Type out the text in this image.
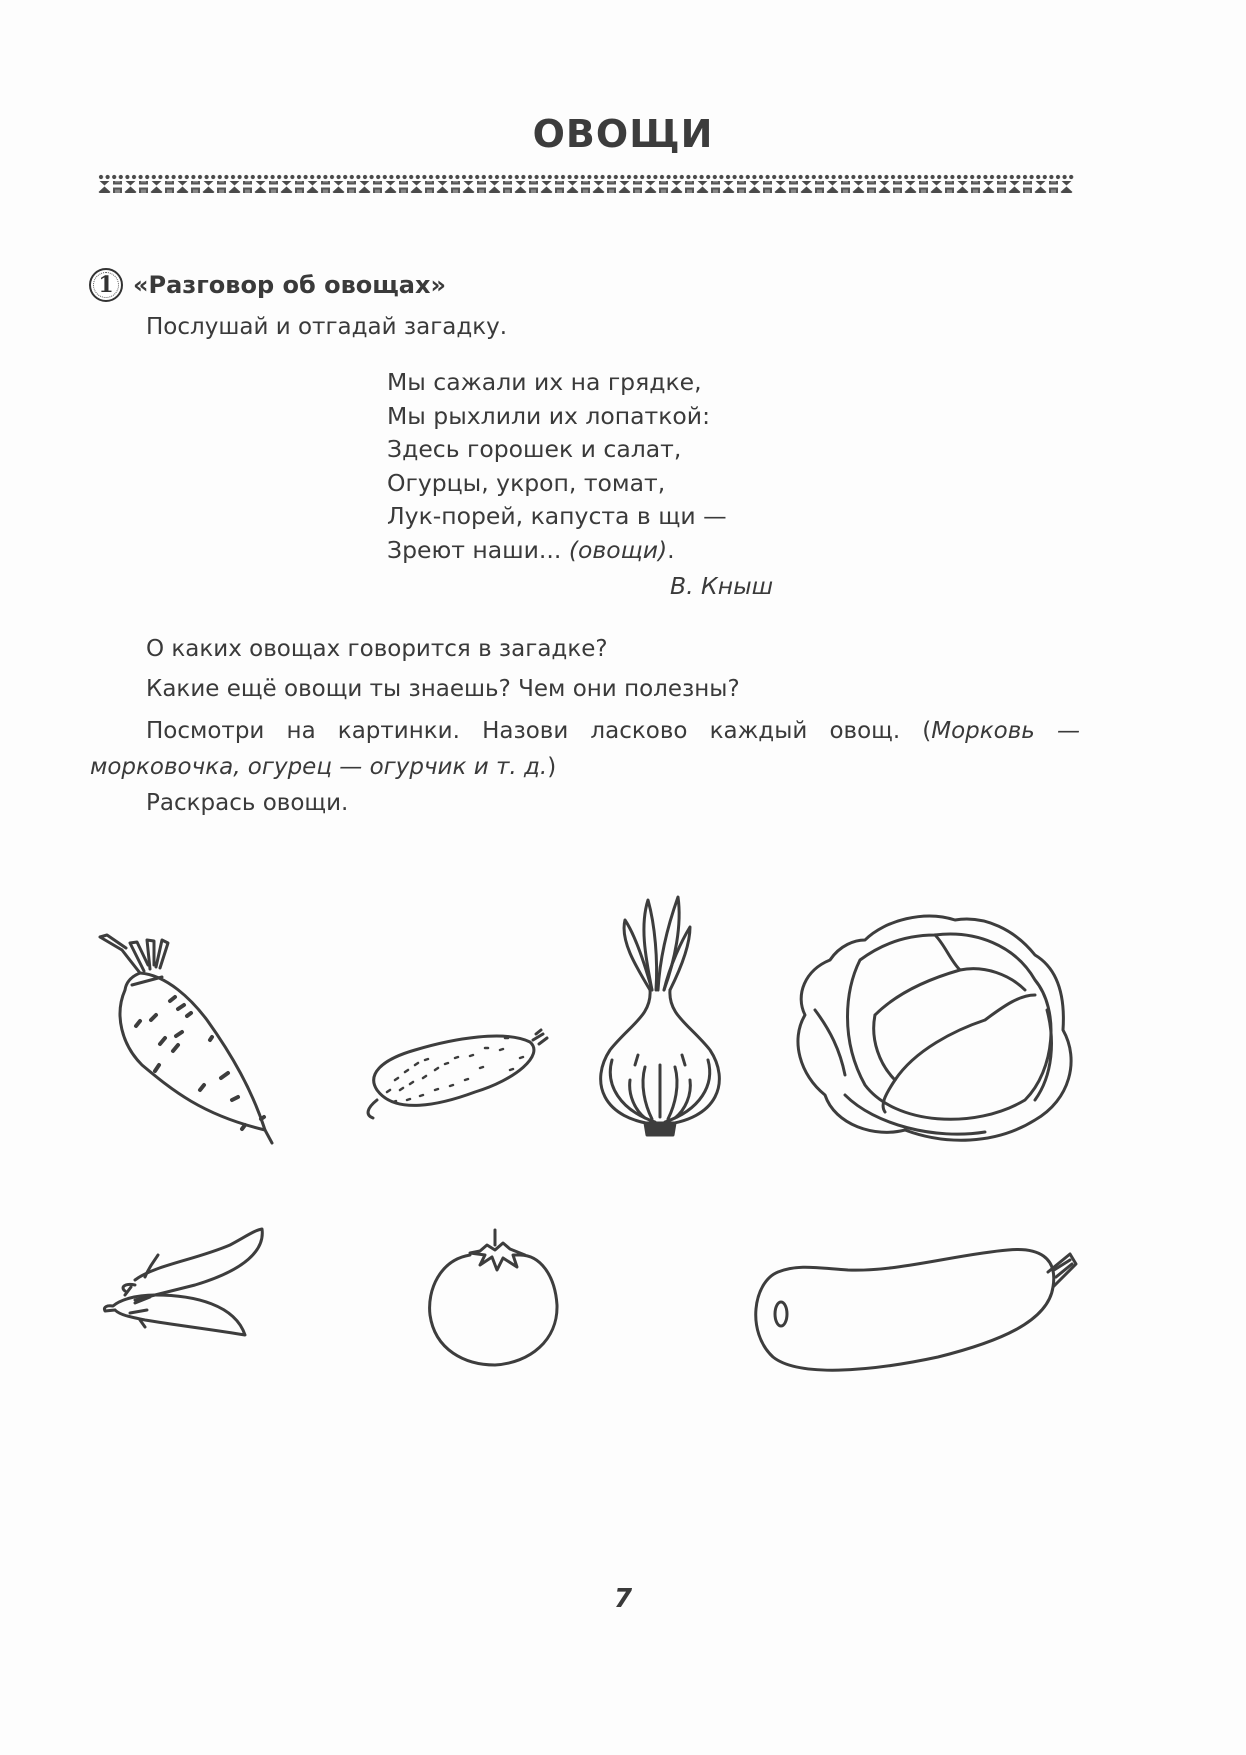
ОВОЩИ
1 «Разговор об овощах»
Послушай и отгадай загадку.
Мы сажали их на грядке,
Мы рыхлили их лопаткой:
Здесь горошек и салат,
Огурцы, укроп, томат,
Лук-порей, капуста в щи —
Зреют наши... (овощи).
В. Кныш
О каких овощах говорится в загадке?
Какие ещё овощи ты знаешь? Чем они полезны?
Посмотри на картинки. Назови ласково каждый овощ. (Морковь — морковочка, огурец — огурчик и т. д.)
Раскрась овощи.
7
